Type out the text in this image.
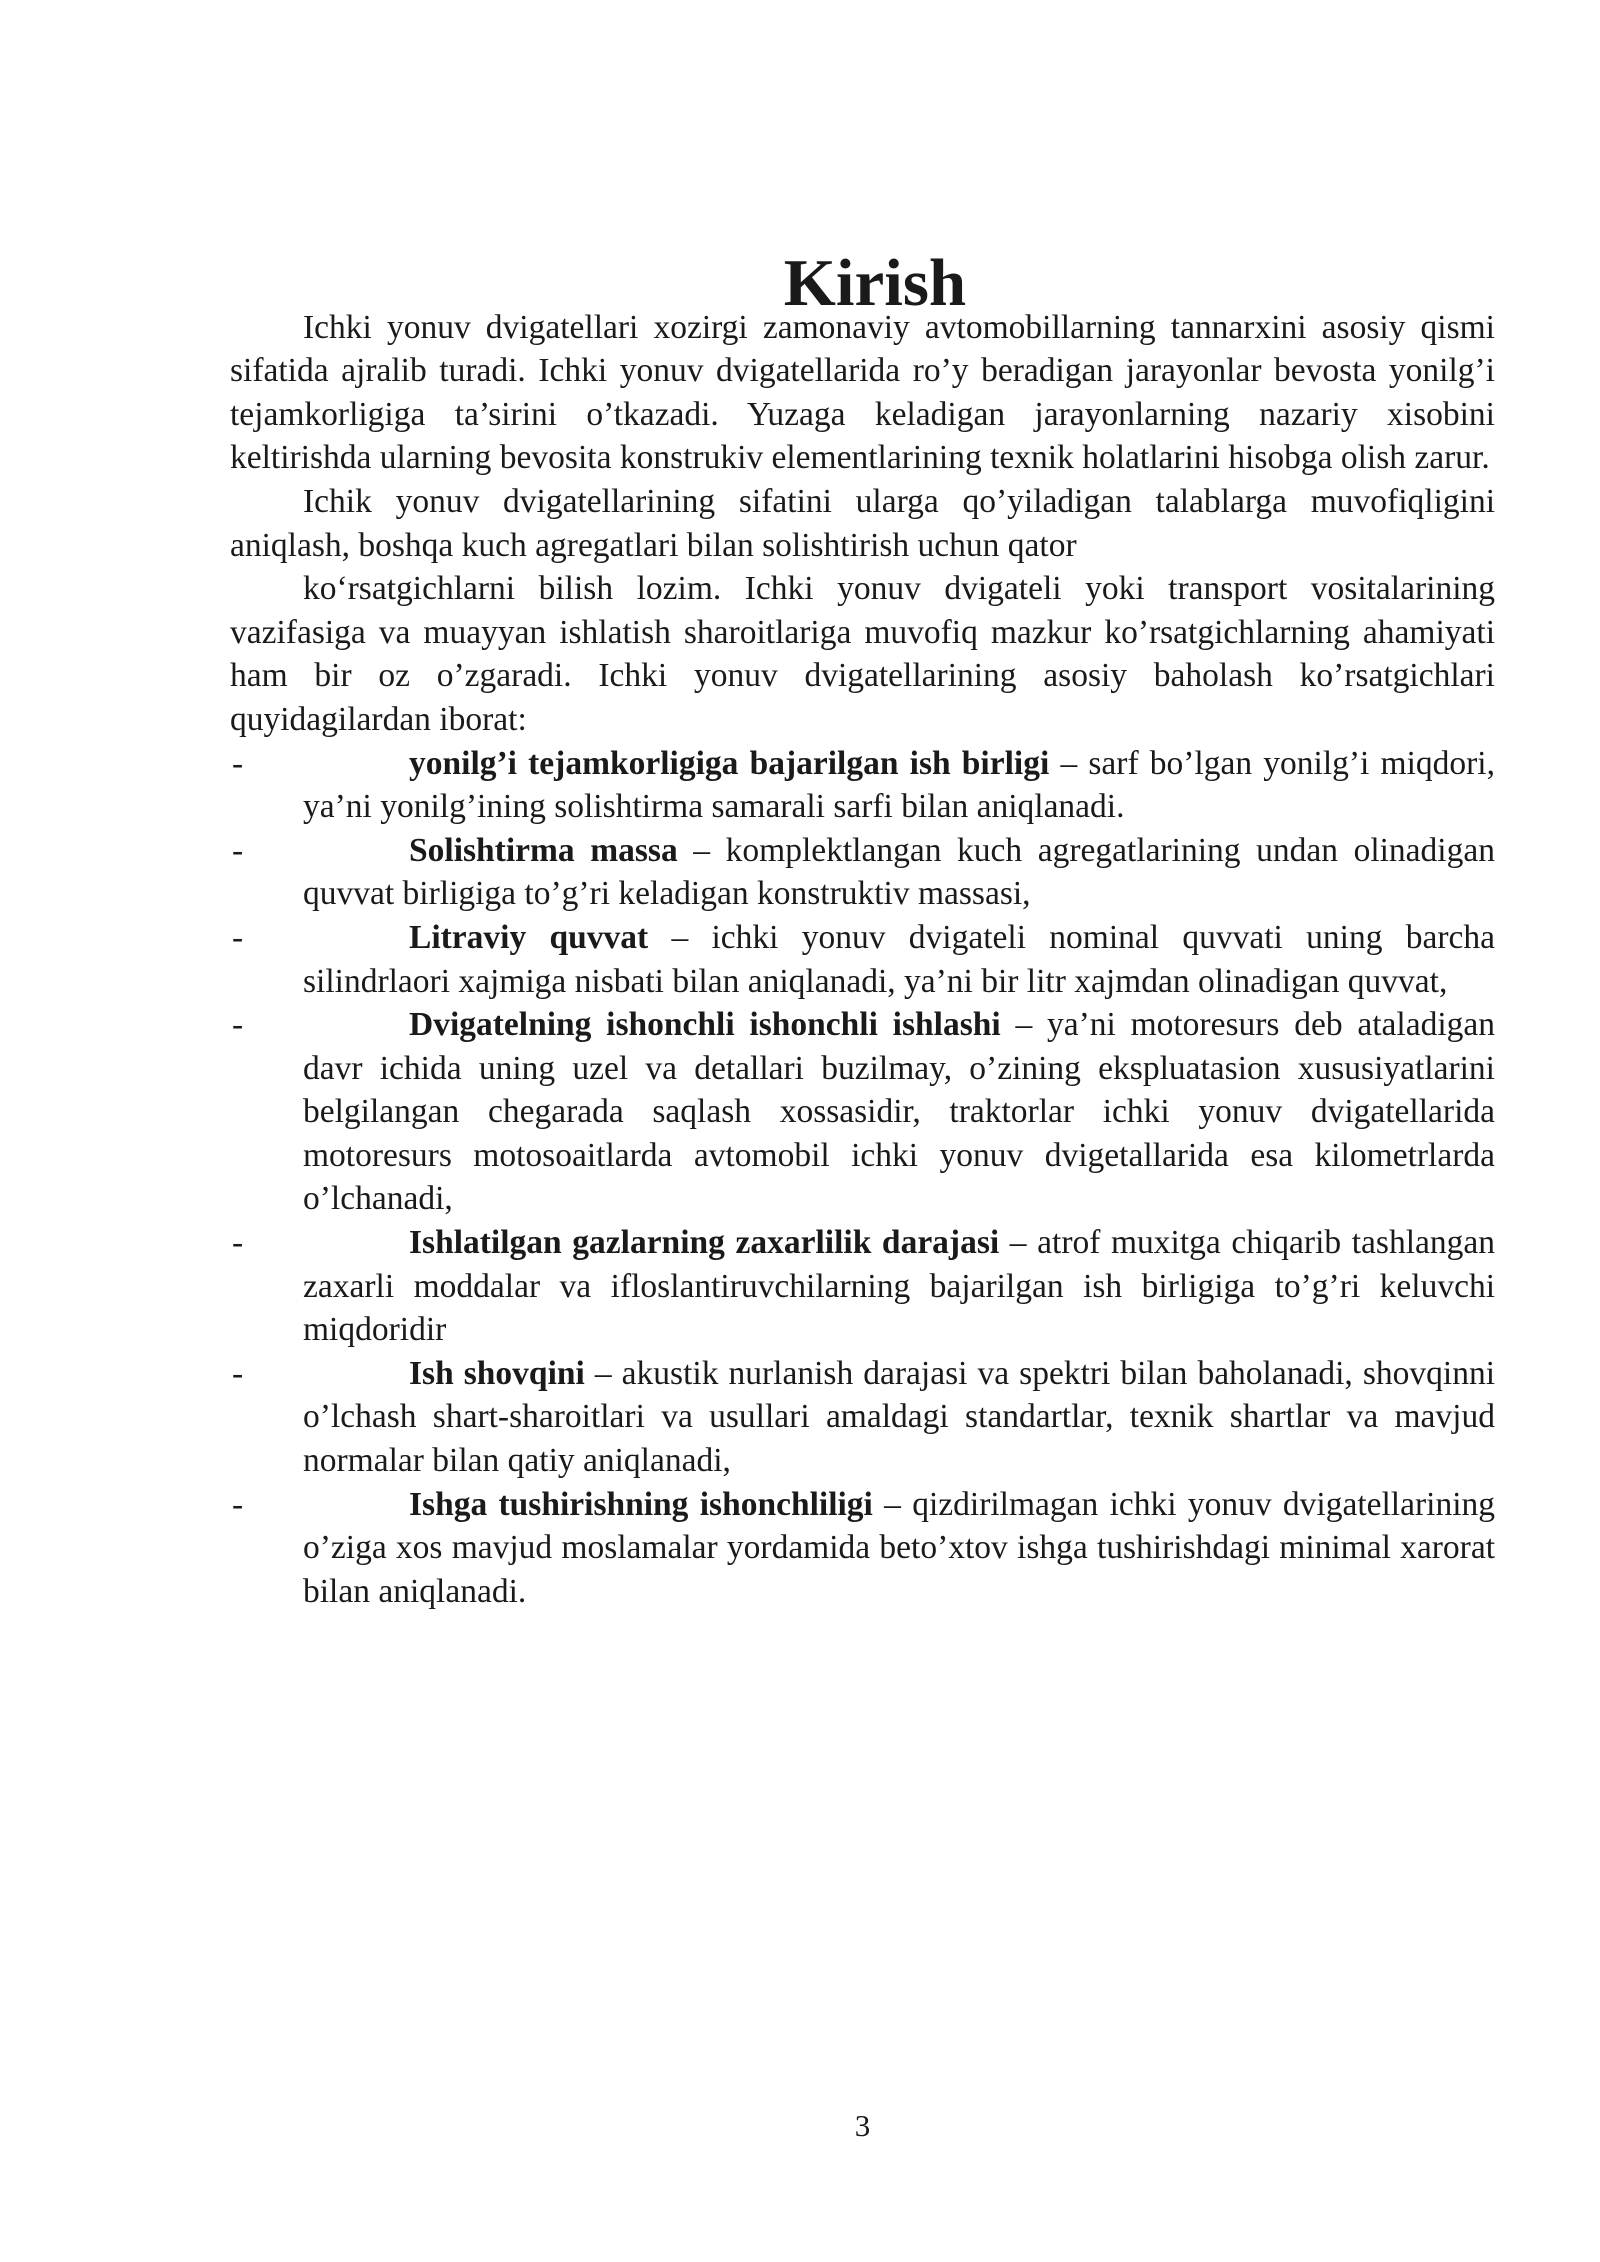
Kirish

Ichki yonuv dvigatellari xozirgi zamonaviy avtomobillarning tannarxini asosiy qismi sifatida ajralib turadi. Ichki yonuv dvigatellarida ro’y beradigan jarayonlar bevosta yonilg’i tejamkorligiga ta’sirini o’tkazadi. Yuzaga keladigan jarayonlarning nazariy xisobini keltirishda ularning bevosita konstrukiv elementlarining texnik holatlarini hisobga olish zarur.

Ichik yonuv dvigatellarining sifatini ularga qo’yiladigan talablarga muvofiqligini aniqlash, boshqa kuch agregatlari bilan solishtirish uchun qator

ko‘rsatgichlarni bilish lozim. Ichki yonuv dvigateli yoki transport vositalarining vazifasiga va muayyan ishlatish sharoitlariga muvofiq mazkur ko’rsatgichlarning ahamiyati ham bir oz o’zgaradi. Ichki yonuv dvigatellarining asosiy baholash ko’rsatgichlari quyidagilardan iborat:

-	yonilg’i tejamkorligiga bajarilgan ish birligi – sarf bo’lgan yonilg’i miqdori, ya’ni yonilg’ining solishtirma samarali sarfi bilan aniqlanadi.
-	Solishtirma massa – komplektlangan kuch agregatlarining undan olinadigan quvvat birligiga to’g’ri keladigan konstruktiv massasi,
-	Litraviy quvvat – ichki yonuv dvigateli nominal quvvati uning barcha silindrlaori xajmiga nisbati bilan aniqlanadi, ya’ni bir litr xajmdan olinadigan quvvat,
-	Dvigatelning ishonchli ishonchli ishlashi – ya’ni motoresurs deb ataladigan davr ichida uning uzel va detallari buzilmay, o’zining ekspluatasion xususiyatlarini belgilangan chegarada saqlash xossasidir, traktorlar ichki yonuv dvigatellarida motoresurs motosoaitlarda avtomobil ichki yonuv dvigetallarida esa kilometrlarda o’lchanadi,
-	Ishlatilgan gazlarning zaxarlilik darajasi – atrof muxitga chiqarib tashlangan zaxarli moddalar va ifloslantiruvchilarning bajarilgan ish birligiga to’g’ri keluvchi miqdoridir
-	Ish shovqini – akustik nurlanish darajasi va spektri bilan baholanadi, shovqinni o’lchash shart-sharoitlari va usullari amaldagi standartlar, texnik shartlar va mavjud normalar bilan qatiy aniqlanadi,
-	Ishga tushirishning ishonchliligi – qizdirilmagan ichki yonuv dvigatellarining o’ziga xos mavjud moslamalar yordamida beto’xtov ishga tushirishdagi minimal xarorat bilan aniqlanadi.
3
